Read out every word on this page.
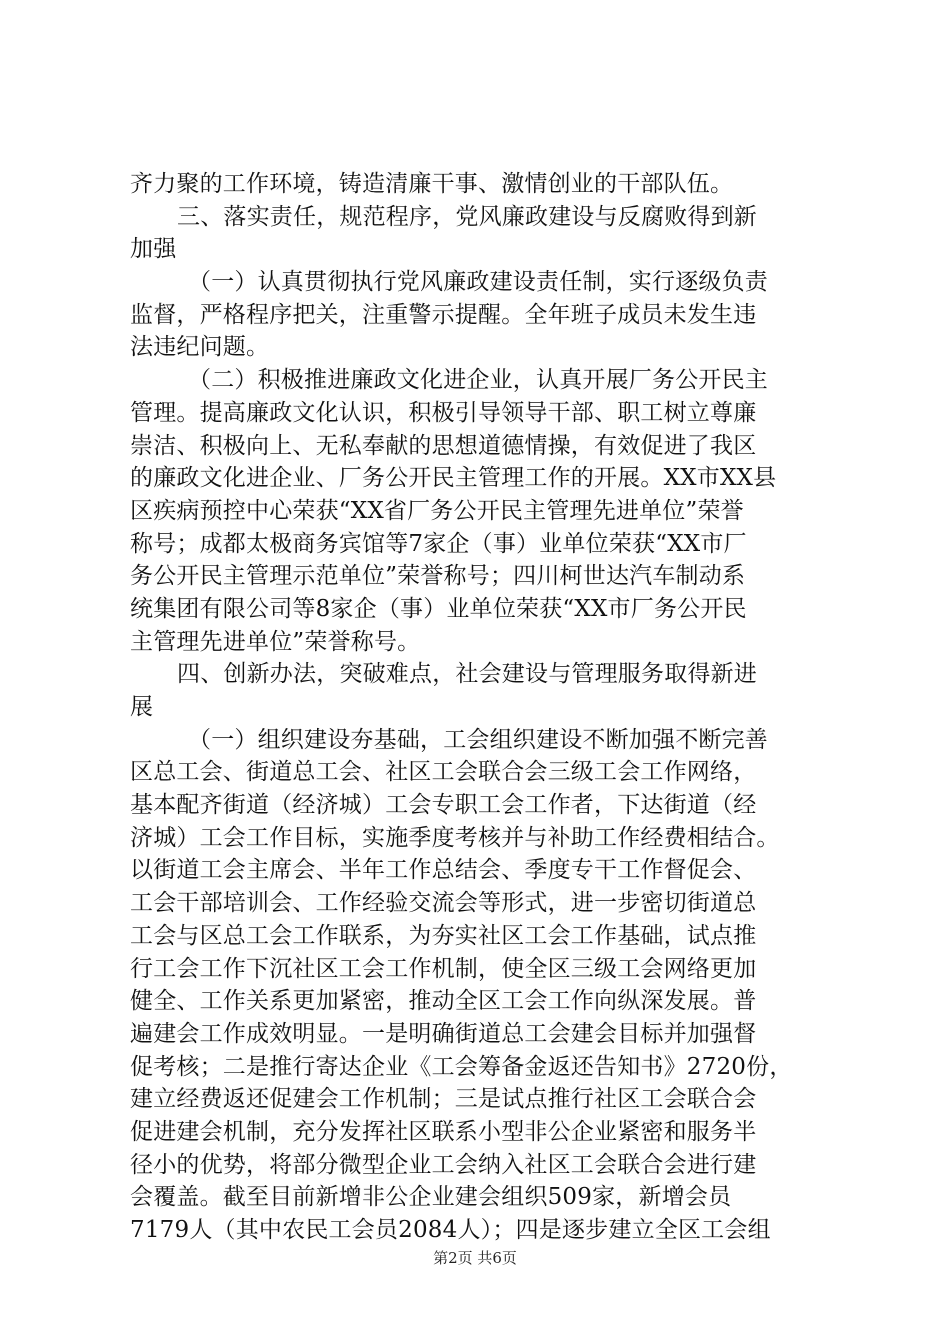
齐力聚的工作环境，铸造清廉干事、激情创业的干部队伍。
三、落实责任，规范程序，党风廉政建设与反腐败得到新
加强
（一）认真贯彻执行党风廉政建设责任制，实行逐级负责
监督，严格程序把关，注重警示提醒。全年班子成员未发生违
法违纪问题。
（二）积极推进廉政文化进企业，认真开展厂务公开民主
管理。提高廉政文化认识，积极引导领导干部、职工树立尊廉
崇洁、积极向上、无私奉献的思想道德情操，有效促进了我区
的廉政文化进企业、厂务公开民主管理工作的开展。XX市XX县
区疾病预控中心荣获“XX省厂务公开民主管理先进单位”荣誉
称号；成都太极商务宾馆等7家企（事）业单位荣获“XX市厂
务公开民主管理示范单位”荣誉称号；四川柯世达汽车制动系
统集团有限公司等8家企（事）业单位荣获“XX市厂务公开民
主管理先进单位”荣誉称号。
四、创新办法，突破难点，社会建设与管理服务取得新进
展
（一）组织建设夯基础，工会组织建设不断加强不断完善
区总工会、街道总工会、社区工会联合会三级工会工作网络，
基本配齐街道（经济城）工会专职工会工作者，下达街道（经
济城）工会工作目标，实施季度考核并与补助工作经费相结合。
以街道工会主席会、半年工作总结会、季度专干工作督促会、
工会干部培训会、工作经验交流会等形式，进一步密切街道总
工会与区总工会工作联系，为夯实社区工会工作基础，试点推
行工会工作下沉社区工会工作机制，使全区三级工会网络更加
健全、工作关系更加紧密，推动全区工会工作向纵深发展。普
遍建会工作成效明显。一是明确街道总工会建会目标并加强督
促考核；二是推行寄达企业《工会筹备金返还告知书》2720份，
建立经费返还促建会工作机制；三是试点推行社区工会联合会
促进建会机制，充分发挥社区联系小型非公企业紧密和服务半
径小的优势，将部分微型企业工会纳入社区工会联合会进行建
会覆盖。截至目前新增非公企业建会组织509家，新增会员
7179人（其中农民工会员2084人）；四是逐步建立全区工会组
第2页 共6页
